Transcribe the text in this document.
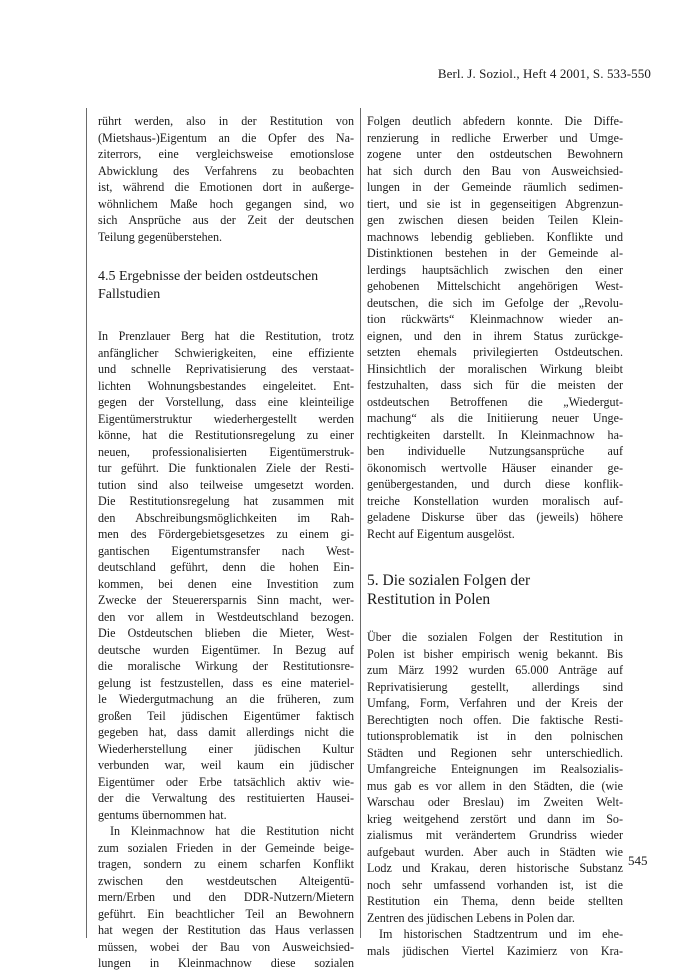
Berl. J. Soziol., Heft 4 2001, S. 533-550

rührt werden, also in der Restitution von
(Mietshaus-)Eigentum an die Opfer des Na-
ziterrors, eine vergleichsweise emotionslose
Abwicklung des Verfahrens zu beobachten
ist, während die Emotionen dort in außerge-
wöhnlichem Maße hoch gegangen sind, wo
sich Ansprüche aus der Zeit der deutschen
Teilung gegenüberstehen.

4.5 Ergebnisse der beiden ostdeutschen
Fallstudien

In Prenzlauer Berg hat die Restitution, trotz
anfänglicher Schwierigkeiten, eine effiziente
und schnelle Reprivatisierung des verstaat-
lichten Wohnungsbestandes eingeleitet. Ent-
gegen der Vorstellung, dass eine kleinteilige
Eigentümerstruktur wiederhergestellt werden
könne, hat die Restitutionsregelung zu einer
neuen, professionalisierten Eigentümerstruk-
tur geführt. Die funktionalen Ziele der Resti-
tution sind also teilweise umgesetzt worden.
Die Restitutionsregelung hat zusammen mit
den Abschreibungsmöglichkeiten im Rah-
men des Fördergebietsgesetzes zu einem gi-
gantischen Eigentumstransfer nach West-
deutschland geführt, denn die hohen Ein-
kommen, bei denen eine Investition zum
Zwecke der Steuerersparnis Sinn macht, wer-
den vor allem in Westdeutschland bezogen.
Die Ostdeutschen blieben die Mieter, West-
deutsche wurden Eigentümer. In Bezug auf
die moralische Wirkung der Restitutionsre-
gelung ist festzustellen, dass es eine materiel-
le Wiedergutmachung an die früheren, zum
großen Teil jüdischen Eigentümer faktisch
gegeben hat, dass damit allerdings nicht die
Wiederherstellung einer jüdischen Kultur
verbunden war, weil kaum ein jüdischer
Eigentümer oder Erbe tatsächlich aktiv wie-
der die Verwaltung des restituierten Hausei-
gentums übernommen hat.

In Kleinmachnow hat die Restitution nicht
zum sozialen Frieden in der Gemeinde beige-
tragen, sondern zu einem scharfen Konflikt
zwischen den westdeutschen Alteigentü-
mern/Erben und den DDR-Nutzern/Mietern
geführt. Ein beachtlicher Teil an Bewohnern
hat wegen der Restitution das Haus verlassen
müssen, wobei der Bau von Ausweichsied-
lungen in Kleinmachnow diese sozialen

Folgen deutlich abfedern konnte. Die Diffe-
renzierung in redliche Erwerber und Umge-
zogene unter den ostdeutschen Bewohnern
hat sich durch den Bau von Ausweichsied-
lungen in der Gemeinde räumlich sedimen-
tiert, und sie ist in gegenseitigen Abgrenzun-
gen zwischen diesen beiden Teilen Klein-
machnows lebendig geblieben. Konflikte und
Distinktionen bestehen in der Gemeinde al-
lerdings hauptsächlich zwischen den einer
gehobenen Mittelschicht angehörigen West-
deutschen, die sich im Gefolge der „Revolu-
tion rückwärts“ Kleinmachnow wieder an-
eignen, und den in ihrem Status zurückge-
setzten ehemals privilegierten Ostdeutschen.
Hinsichtlich der moralischen Wirkung bleibt
festzuhalten, dass sich für die meisten der
ostdeutschen Betroffenen die „Wiedergut-
machung“ als die Initiierung neuer Unge-
rechtigkeiten darstellt. In Kleinmachnow ha-
ben individuelle Nutzungsansprüche auf
ökonomisch wertvolle Häuser einander ge-
genübergestanden, und durch diese konflik-
treiche Konstellation wurden moralisch auf-
geladene Diskurse über das (jeweils) höhere
Recht auf Eigentum ausgelöst.

5. Die sozialen Folgen der
Restitution in Polen

Über die sozialen Folgen der Restitution in
Polen ist bisher empirisch wenig bekannt. Bis
zum März 1992 wurden 65.000 Anträge auf
Reprivatisierung gestellt, allerdings sind
Umfang, Form, Verfahren und der Kreis der
Berechtigten noch offen. Die faktische Resti-
tutionsproblematik ist in den polnischen
Städten und Regionen sehr unterschiedlich.
Umfangreiche Enteignungen im Realsozialis-
mus gab es vor allem in den Städten, die (wie
Warschau oder Breslau) im Zweiten Welt-
krieg weitgehend zerstört und dann im So-
zialismus mit verändertem Grundriss wieder
aufgebaut wurden. Aber auch in Städten wie
Lodz und Krakau, deren historische Substanz
noch sehr umfassend vorhanden ist, ist die
Restitution ein Thema, denn beide stellten
Zentren des jüdischen Lebens in Polen dar.

Im historischen Stadtzentrum und im ehe-
mals jüdischen Viertel Kazimierz von Kra-

545
